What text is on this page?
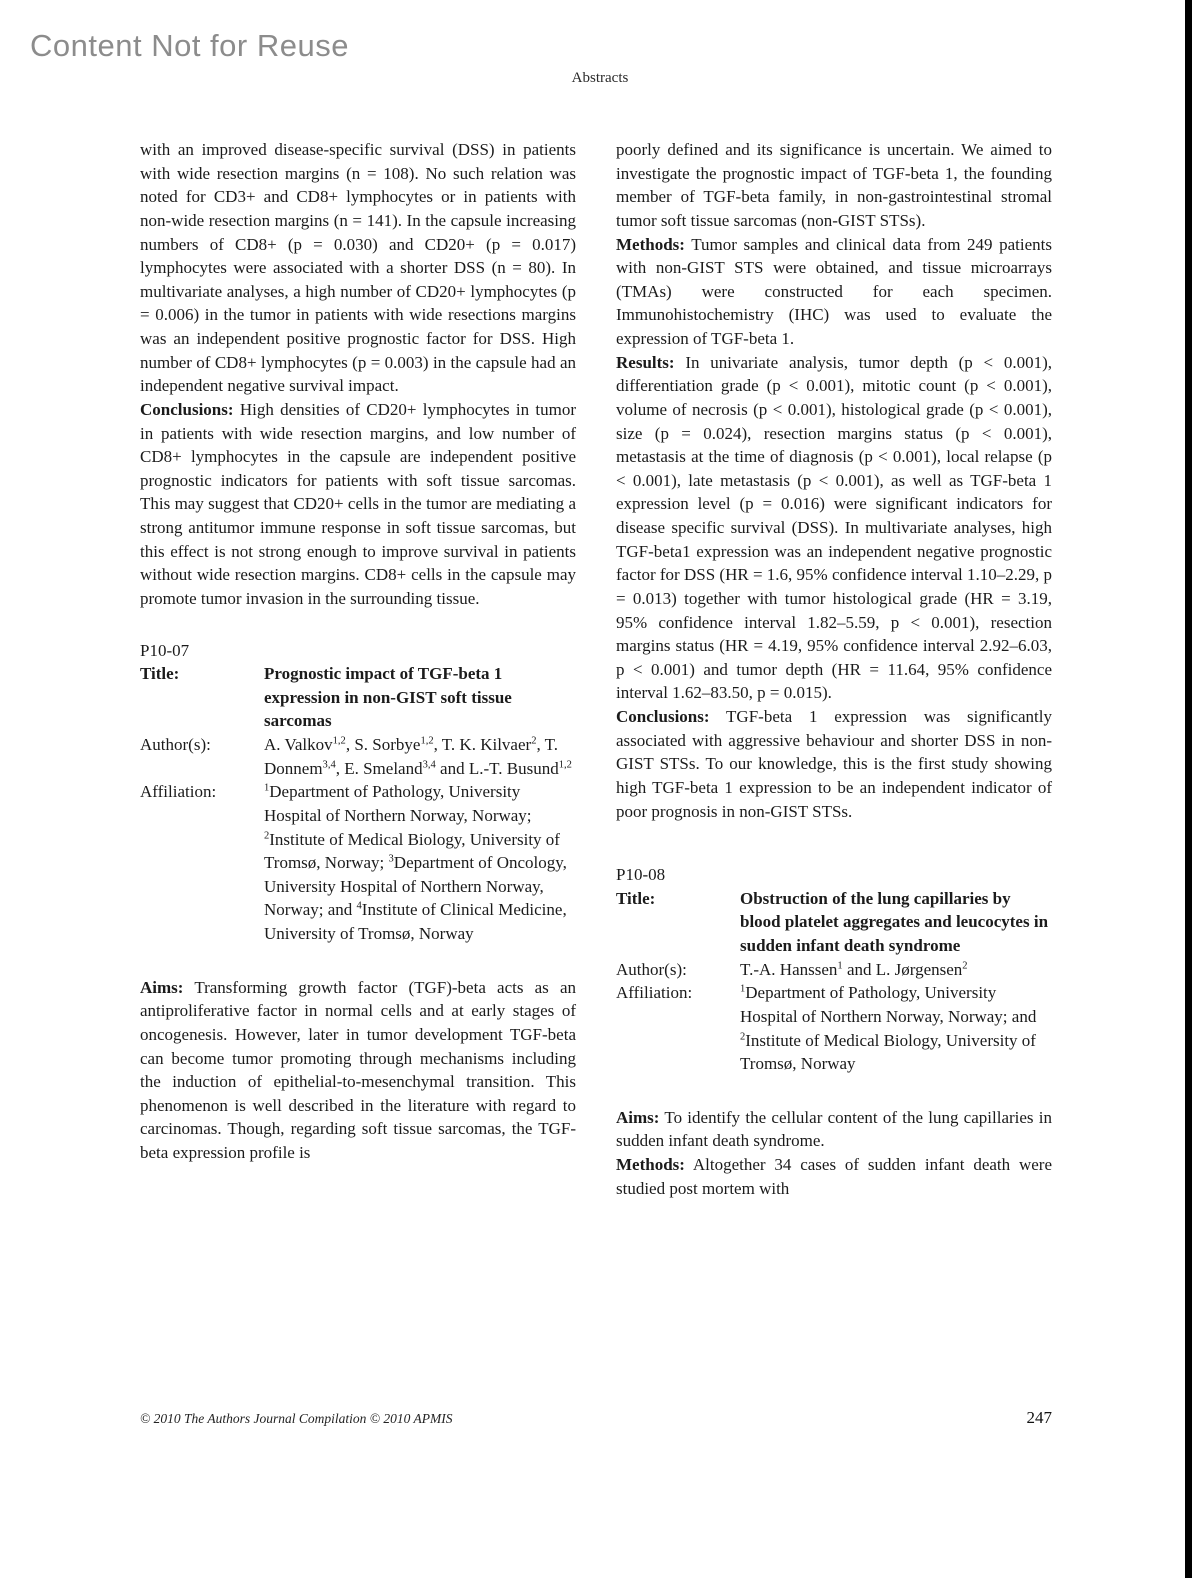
Content Not for Reuse
Abstracts

with an improved disease-specific survival (DSS) in patients with wide resection margins (n = 108). No such relation was noted for CD3+ and CD8+ lymphocytes or in patients with non-wide resection margins (n = 141). In the capsule increasing numbers of CD8+ (p = 0.030) and CD20+ (p = 0.017) lymphocytes were associated with a shorter DSS (n = 80). In multivariate analyses, a high number of CD20+ lymphocytes (p = 0.006) in the tumor in patients with wide resections margins was an independent positive prognostic factor for DSS. High number of CD8+ lymphocytes (p = 0.003) in the capsule had an independent negative survival impact.

Conclusions: High densities of CD20+ lymphocytes in tumor in patients with wide resection margins, and low number of CD8+ lymphocytes in the capsule are independent positive prognostic indicators for patients with soft tissue sarcomas. This may suggest that CD20+ cells in the tumor are mediating a strong antitumor immune response in soft tissue sarcomas, but this effect is not strong enough to improve survival in patients without wide resection margins. CD8+ cells in the capsule may promote tumor invasion in the surrounding tissue.

P10-07

Title:	Prognostic impact of TGF-beta 1 expression in non-GIST soft tissue sarcomas
Author(s):	A. Valkov$^{1,2}$, S. Sorbye$^{1,2}$, T. K. Kilvaer$^2$, T. Donnem$^{3,4}$, E. Smeland$^{3,4}$ and L.-T. Busund$^{1,2}$
Affiliation:	$^1$Department of Pathology, University Hospital of Northern Norway, Norway; $^2$Institute of Medical Biology, University of Tromsø, Norway; $^3$Department of Oncology, University Hospital of Northern Norway, Norway; and $^4$Institute of Clinical Medicine, University of Tromsø, Norway

Aims: Transforming growth factor (TGF)-beta acts as an antiproliferative factor in normal cells and at early stages of oncogenesis. However, later in tumor development TGF-beta can become tumor promoting through mechanisms including the induction of epithelial-to-mesenchymal transition. This phenomenon is well described in the literature with regard to carcinomas. Though, regarding soft tissue sarcomas, the TGF-beta expression profile is

poorly defined and its significance is uncertain. We aimed to investigate the prognostic impact of TGF-beta 1, the founding member of TGF-beta family, in non-gastrointestinal stromal tumor soft tissue sarcomas (non-GIST STSs).

Methods: Tumor samples and clinical data from 249 patients with non-GIST STS were obtained, and tissue microarrays (TMAs) were constructed for each specimen. Immunohistochemistry (IHC) was used to evaluate the expression of TGF-beta 1.

Results: In univariate analysis, tumor depth (p < 0.001), differentiation grade (p < 0.001), mitotic count (p < 0.001), volume of necrosis (p < 0.001), histological grade (p < 0.001), size (p = 0.024), resection margins status (p < 0.001), metastasis at the time of diagnosis (p < 0.001), local relapse (p < 0.001), late metastasis (p < 0.001), as well as TGF-beta 1 expression level (p = 0.016) were significant indicators for disease specific survival (DSS). In multivariate analyses, high TGF-beta1 expression was an independent negative prognostic factor for DSS (HR = 1.6, 95% confidence interval 1.10–2.29, p = 0.013) together with tumor histological grade (HR = 3.19, 95% confidence interval 1.82–5.59, p < 0.001), resection margins status (HR = 4.19, 95% confidence interval 2.92–6.03, p < 0.001) and tumor depth (HR = 11.64, 95% confidence interval 1.62–83.50, p = 0.015).

Conclusions: TGF-beta 1 expression was significantly associated with aggressive behaviour and shorter DSS in non-GIST STSs. To our knowledge, this is the first study showing high TGF-beta 1 expression to be an independent indicator of poor prognosis in non-GIST STSs.

P10-08

Title:	Obstruction of the lung capillaries by blood platelet aggregates and leucocytes in sudden infant death syndrome
Author(s):	T.-A. Hanssen$^1$ and L. Jørgensen$^2$
Affiliation:	$^1$Department of Pathology, University Hospital of Northern Norway, Norway; and $^2$Institute of Medical Biology, University of Tromsø, Norway

Aims: To identify the cellular content of the lung capillaries in sudden infant death syndrome.

Methods: Altogether 34 cases of sudden infant death were studied post mortem with

© 2010 The Authors Journal Compilation © 2010 APMIS	247
